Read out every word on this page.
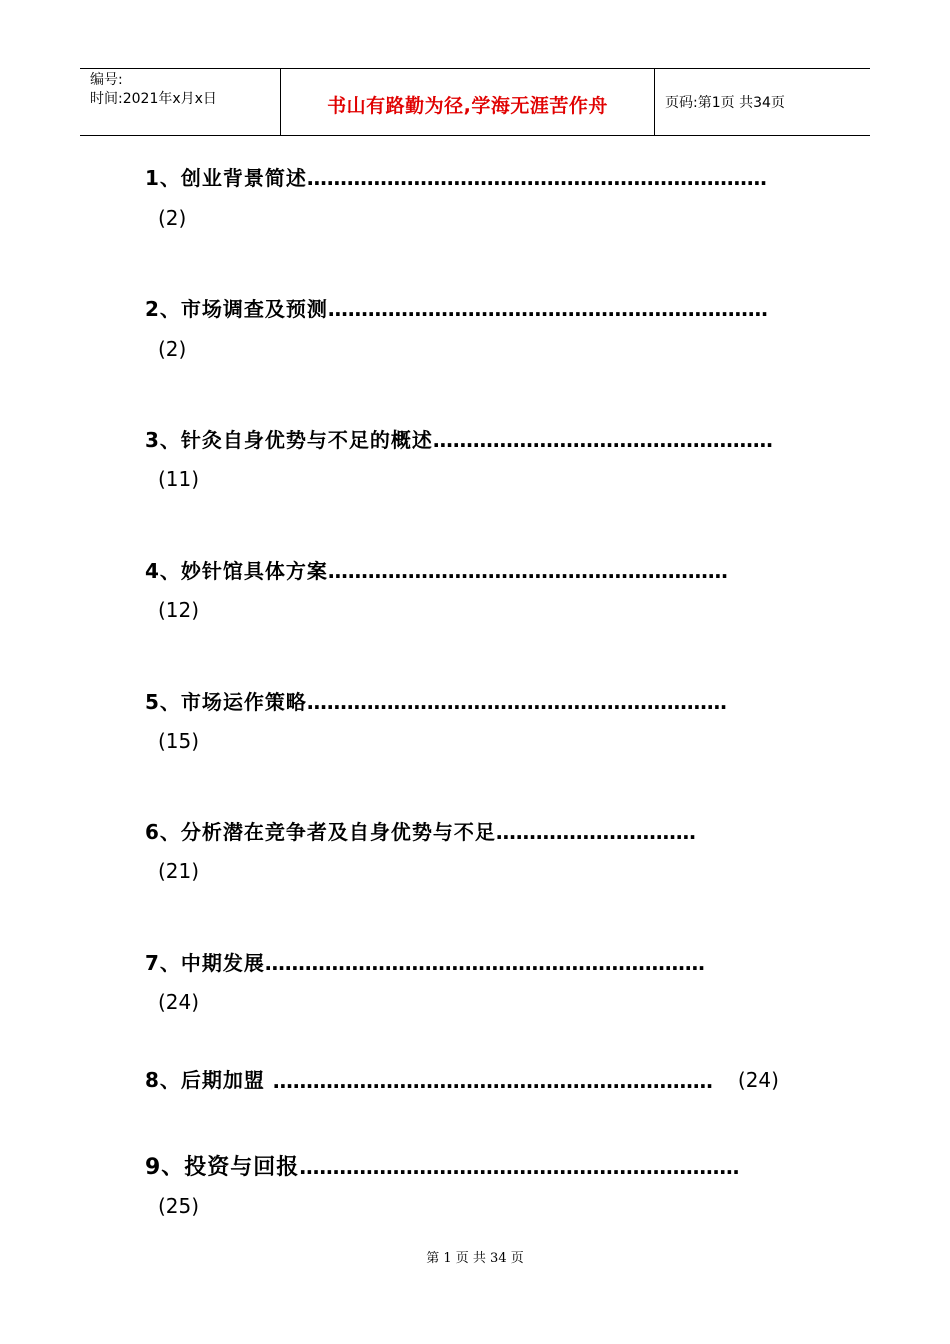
编号:
时间:2021年x月x日	书山有路勤为径,学海无涯苦作舟	页码:第1页 共34页
1、创业背景简述……………………………………………………………
(2)
2、市场调查及预测…………………………………………………………
(2)
3、针灸自身优势与不足的概述……………………………………………
(11)
4、妙针馆具体方案……………………………………………………
(12)
5、市场运作策略………………………………………………………
(15)
6、分析潜在竞争者及自身优势与不足…………………………
(21)
7、中期发展…………………………………………………………
(24)
8、后期加盟 ………………………………………………………… (24)
9、投资与回报…………………………………………………………
(25)
第 1 页 共 34 页
